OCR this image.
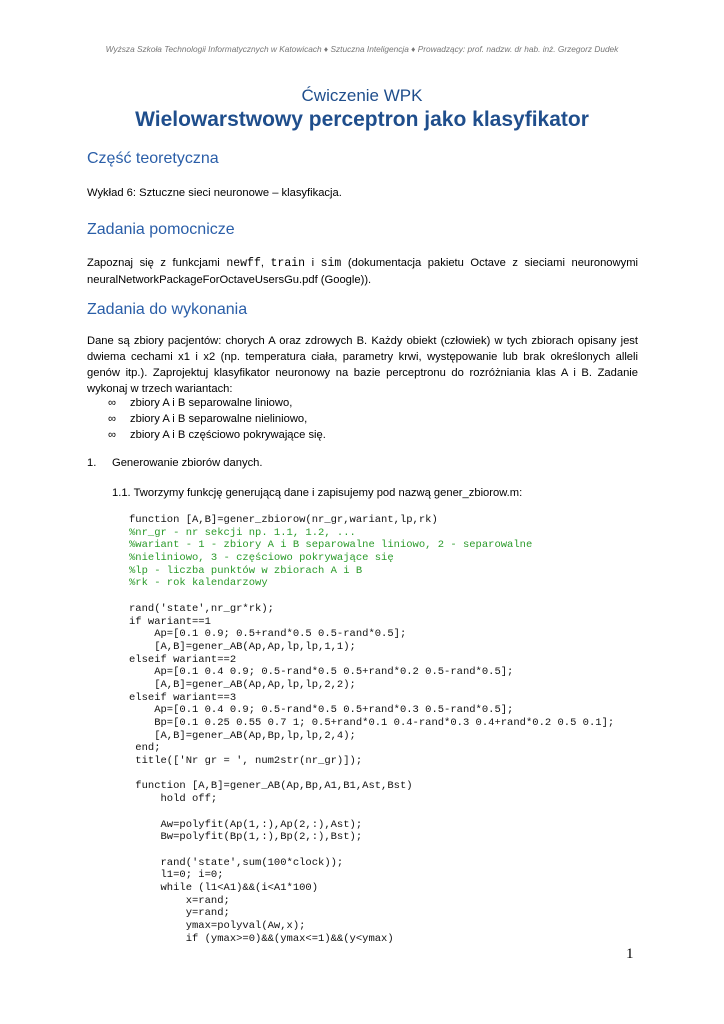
Wyższa Szkoła Technologii Informatycznych w Katowicach ♦ Sztuczna Inteligencja ♦ Prowadzący: prof. nadzw. dr hab. inż. Grzegorz Dudek
Ćwiczenie WPK
Wielowarstwowy perceptron jako klasyfikator
Część teoretyczna
Wykład 6: Sztuczne sieci neuronowe – klasyfikacja.
Zadania pomocnicze
Zapoznaj się z funkcjami newff, train i sim (dokumentacja pakietu Octave z sieciami neuronowymi neuralNetworkPackageForOctaveUsersGu.pdf (Google)).
Zadania do wykonania
Dane są zbiory pacjentów: chorych A oraz zdrowych B. Każdy obiekt (człowiek) w tych zbiorach opisany jest dwiema cechami x1 i x2 (np. temperatura ciała, parametry krwi, występowanie lub brak określonych alleli genów itp.). Zaprojektuj klasyfikator neuronowy na bazie perceptronu do rozróżniania klas A i B. Zadanie wykonaj w trzech wariantach:
∞ zbiory A i B separowalne liniowo,
∞ zbiory A i B separowalne nieliniowo,
∞ zbiory A i B częściowo pokrywające się.
1. Generowanie zbiorów danych.
1.1. Tworzymy funkcję generującą dane i zapisujemy pod nazwą gener_zbiorow.m:
function [A,B]=gener_zbiorow(nr_gr,wariant,lp,rk)
%nr_gr - nr sekcji np. 1.1, 1.2, ...
%wariant - 1 - zbiory A i B separowalne liniowo, 2 - separowalne
%nieliniowo, 3 - częściowo pokrywające się
%lp - liczba punktów w zbiorach A i B
%rk - rok kalendarzowy
rand('state',nr_gr*rk);
if wariant==1
Ap=[0.1 0.9; 0.5+rand*0.5 0.5-rand*0.5];
[A,B]=gener_AB(Ap,Ap,lp,lp,1,1);
elseif wariant==2
Ap=[0.1 0.4 0.9; 0.5-rand*0.5 0.5+rand*0.2 0.5-rand*0.5];
[A,B]=gener_AB(Ap,Ap,lp,lp,2,2);
elseif wariant==3
Ap=[0.1 0.4 0.9; 0.5-rand*0.5 0.5+rand*0.3 0.5-rand*0.5];
Bp=[0.1 0.25 0.55 0.7 1; 0.5+rand*0.1 0.4-rand*0.3 0.4+rand*0.2 0.5 0.1];
[A,B]=gener_AB(Ap,Bp,lp,lp,2,4);
end;
title(['Nr gr = ', num2str(nr_gr)]);
function [A,B]=gener_AB(Ap,Bp,A1,B1,Ast,Bst)
hold off;
Aw=polyfit(Ap(1,:),Ap(2,:),Ast);
Bw=polyfit(Bp(1,:),Bp(2,:),Bst);
rand('state',sum(100*clock));
l1=0; i=0;
while (l1<A1)&&(i<A1*100)
x=rand;
y=rand;
ymax=polyval(Aw,x);
if (ymax>=0)&&(ymax<=1)&&(y<ymax)
1
